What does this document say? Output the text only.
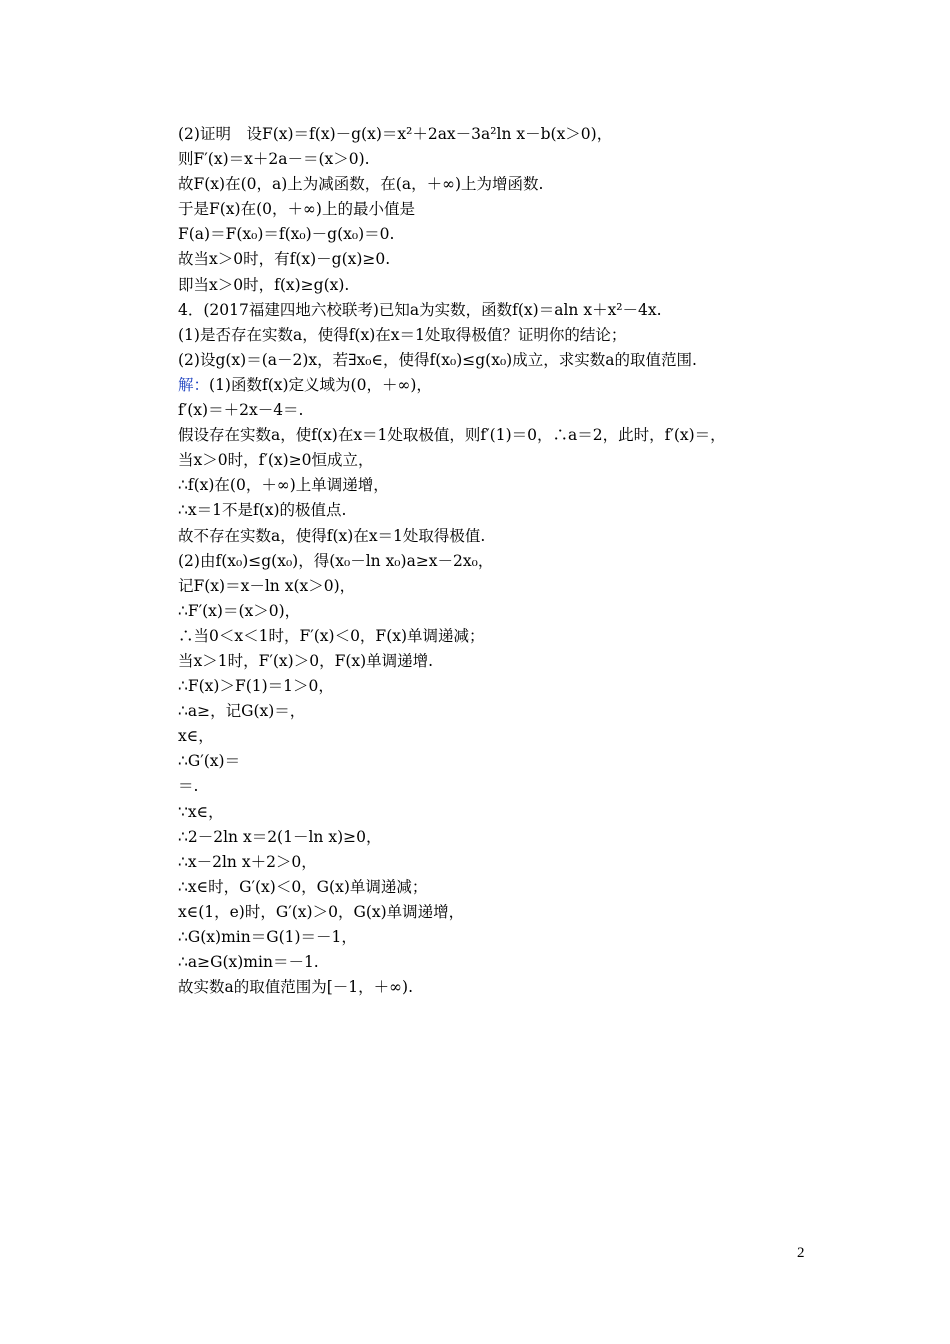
(2)证明　设F(x)＝f(x)－g(x)＝x²＋2ax－3a²ln x－b(x＞0)，
则F′(x)＝x＋2a－＝(x＞0).
故F(x)在(0，a)上为减函数，在(a，＋∞)上为增函数.
于是F(x)在(0，＋∞)上的最小值是
F(a)＝F(x₀)＝f(x₀)－g(x₀)＝0.
故当x＞0时，有f(x)－g(x)≥0.
即当x＞0时，f(x)≥g(x).
4．(2017福建四地六校联考)已知a为实数，函数f(x)＝aln x＋x²－4x.
(1)是否存在实数a，使得f(x)在x＝1处取得极值？证明你的结论；
(2)设g(x)＝(a－2)x，若∃x₀∈，使得f(x₀)≤g(x₀)成立，求实数a的取值范围.
解：(1)函数f(x)定义域为(0，＋∞)，
f′(x)＝＋2x－4＝.
假设存在实数a，使f(x)在x＝1处取极值，则f′(1)＝0，∴a＝2，此时，f′(x)＝，
当x＞0时，f′(x)≥0恒成立，
∴f(x)在(0，＋∞)上单调递增，
∴x＝1不是f(x)的极值点.
故不存在实数a，使得f(x)在x＝1处取得极值.
(2)由f(x₀)≤g(x₀)，得(x₀－ln x₀)a≥x－2x₀，
记F(x)＝x－ln x(x＞0)，
∴F′(x)＝(x＞0)，
∴当0＜x＜1时，F′(x)＜0，F(x)单调递减；
当x＞1时，F′(x)＞0，F(x)单调递增.
∴F(x)＞F(1)＝1＞0，
∴a≥，记G(x)＝，
x∈，
∴G′(x)＝
＝.
∵x∈，
∴2－2ln x＝2(1－ln x)≥0，
∴x－2ln x＋2＞0，
∴x∈时，G′(x)＜0，G(x)单调递减；
x∈(1，e)时，G′(x)＞0，G(x)单调递增，
∴G(x)min＝G(1)＝－1，
∴a≥G(x)min＝－1.
故实数a的取值范围为[－1，＋∞).
2
